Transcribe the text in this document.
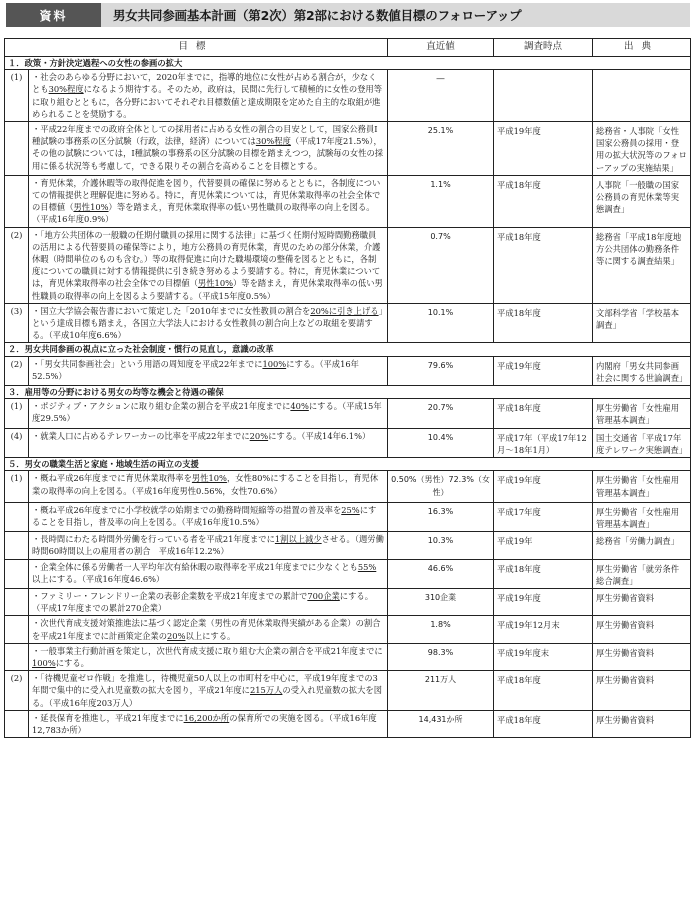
資料	男女共同参画基本計画（第2次）第2部における数値目標のフォローアップ
目標		直近値	調査時点	出典
１．政策・方針決定過程への女性の参画の拡大				
(1)	・社会のあらゆる分野において，2020年までに，指導的地位に女性が占める割合が，少なくとも30%程度になるよう期待する。そのため，政府は，民間に先行して積極的に女性の登用等に取り組むとともに，各分野においてそれぞれ目標数値と達成期限を定めた自主的な取組が進められることを奨励する。	―		
	・平成22年度までの政府全体としての採用者に占める女性の割合の目安として，国家公務員Ⅰ種試験の事務系の区分試験（行政，法律，経済）については30%程度（平成17年度21.5%），その他の試験については，Ⅰ種試験の事務系の区分試験の目標を踏まえつつ，試験毎の女性の採用に係る状況等も考慮して，できる限りその割合を高めることを目標とする。	25.1%	平成19年度	総務省・人事院「女性国家公務員の採用・登用の拡大状況等のフォローアップの実施結果」
	・育児休業，介護休暇等の取得促進を図り，代替要員の確保に努めるとともに，各制度についての情報提供と理解促進に努める。特に，育児休業については，育児休業取得率の社会全体での目標値（男性10%）等を踏まえ，育児休業取得率の低い男性職員の取得率の向上を図る。（平成16年度0.9%）	1.1%	平成18年度	人事院「一般職の国家公務員の育児休業等実態調査」
(2)	・「地方公共団体の一般職の任期付職員の採用に関する法律」に基づく任期付短時間勤務職員の活用による代替要員の確保等により，地方公務員の育児休業，育児のための部分休業，介護休暇（時間単位のものも含む。）等の取得促進に向けた職場環境の整備を図るとともに，各制度についての職員に対する情報提供に引き続き努めるよう要請する。特に，育児休業については，育児休業取得率の社会全体での目標値（男性10%）等を踏まえ，育児休業取得率の低い男性職員の取得率の向上を図るよう要請する。（平成15年度0.5%）	0.7%	平成18年度	総務省「平成18年度地方公共団体の勤務条件等に関する調査結果」
(3)	・国立大学協会報告書において策定した「2010年までに女性教員の割合を20%に引き上げる」という達成目標も踏まえ，各国立大学法人における女性教員の割合向上などの取組を要請する。（平成10年度6.6%）	10.1%	平成18年度	文部科学省「学校基本調査」
２．男女共同参画の視点に立った社会制度・慣行の見直し，意識の改革				
(2)	・「男女共同参画社会」という用語の周知度を平成22年までに100%にする。（平成16年52.5%）	79.6%	平成19年度	内閣府「男女共同参画社会に関する世論調査」
３．雇用等の分野における男女の均等な機会と待遇の確保				
(1)	・ポジティブ・アクションに取り組む企業の割合を平成21年度までに40%にする。（平成15年度29.5%）	20.7%	平成18年度	厚生労働省「女性雇用管理基本調査」
(4)	・就業人口に占めるテレワーカーの比率を平成22年までに20%にする。（平成14年6.1%）	10.4%	平成17年（平成17年12月～18年1月）	国土交通省「平成17年度テレワーク実態調査」
５．男女の職業生活と家庭・地域生活の両立の支援				
(1)	・概ね平成26年度までに育児休業取得率を男性10%，女性80%にすることを目指し，育児休業の取得率の向上を図る。（平成16年度男性0.56%，女性70.6%）	0.50%（男性）72.3%（女性）	平成19年度	厚生労働省「女性雇用管理基本調査」
	・概ね平成26年度までに小学校就学の始期までの勤務時間短縮等の措置の普及率を25%にすることを目指し，普及率の向上を図る。（平成16年度10.5%）	16.3%	平成17年度	厚生労働省「女性雇用管理基本調査」
	・長時間にわたる時間外労働を行っている者を平成21年度までに1割以上減少させる。（週労働時間60時間以上の雇用者の割合　平成16年12.2%）	10.3%	平成19年	総務省「労働力調査」
	・企業全体に係る労働者一人平均年次有給休暇の取得率を平成21年度までに少なくとも55%以上にする。（平成16年度46.6%）	46.6%	平成18年度	厚生労働省「就労条件総合調査」
	・ファミリー・フレンドリー企業の表彰企業数を平成21年度までの累計で700企業にする。（平成17年度までの累計270企業）	310企業	平成19年度	厚生労働省資料
	・次世代育成支援対策推進法に基づく認定企業（男性の育児休業取得実績がある企業）の割合を平成21年度までに計画策定企業の20%以上にする。	1.8%	平成19年12月末	厚生労働省資料
	・一般事業主行動計画を策定し，次世代育成支援に取り組む大企業の割合を平成21年度までに100%にする。	98.3%	平成19年度末	厚生労働省資料
(2)	・「待機児童ゼロ作戦」を推進し，待機児童50人以上の市町村を中心に，平成19年度までの3年間で集中的に受入れ児童数の拡大を図り，平成21年度に215万人の受入れ児童数の拡大を図る。（平成16年度203万人）	211万人	平成18年度	厚生労働省資料
	・延長保育を推進し，平成21年度までに16,200か所の保育所での実施を図る。（平成16年度12,783か所）	14,431か所	平成18年度	厚生労働省資料
